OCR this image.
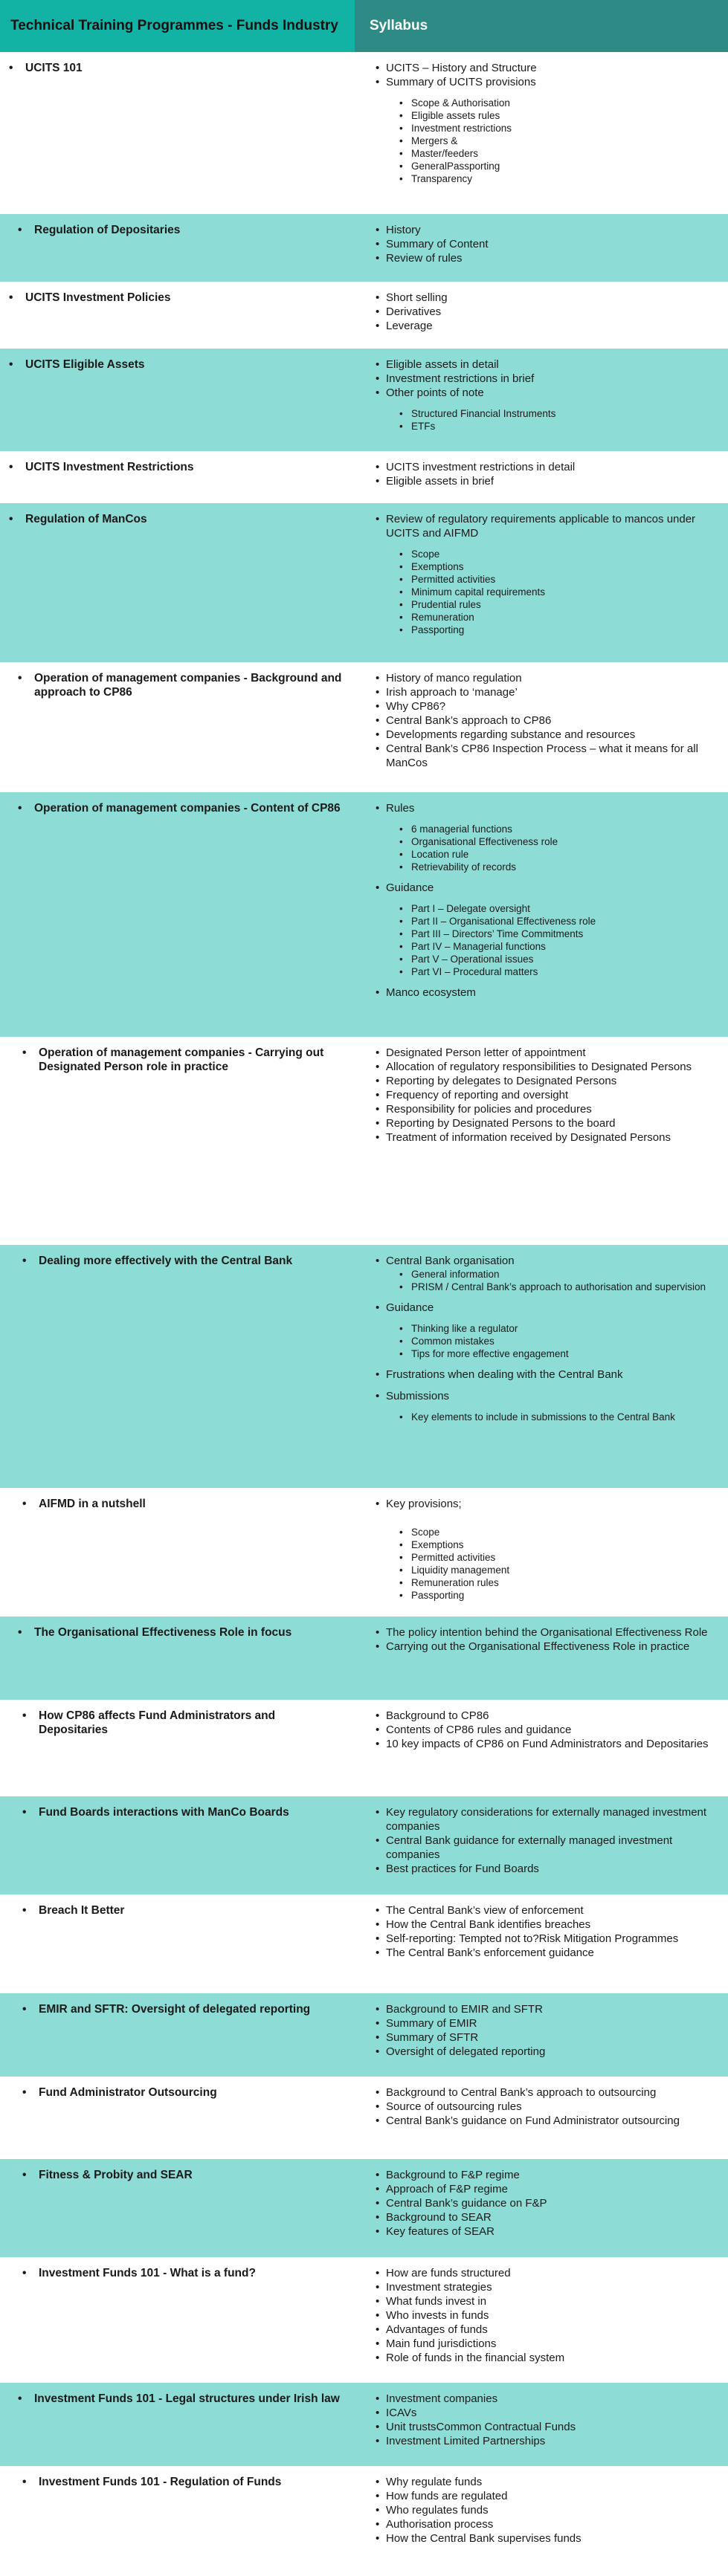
Technical Training Programmes - Funds Industry	Syllabus
•	UCITS 101	• UCITS – History and Structure
• Summary of UCITS provisions
• Scope & Authorisation
• Eligible assets rules
• Investment restrictions
• Mergers &
• Master/feeders
• GeneralPassporting
• Transparency
•	Regulation of Depositaries	• History
• Summary of Content
• Review of rules
•	UCITS Investment Policies	• Short selling
• Derivatives
• Leverage
•	UCITS Eligible Assets	• Eligible assets in detail
• Investment restrictions in brief
• Other points of note
• Structured Financial Instruments
• ETFs
•	UCITS Investment Restrictions	• UCITS investment restrictions in detail
• Eligible assets in brief
•	Regulation of ManCos	• Review of regulatory requirements applicable to mancos under UCITS and AIFMD
• Scope
• Exemptions
• Permitted activities
• Minimum capital requirements
• Prudential rules
• Remuneration
• Passporting
•	Operation of management companies - Background and approach to CP86
• History of manco regulation
• Irish approach to ‘manage’
• Why CP86?
• Central Bank’s approach to CP86
• Developments regarding substance and resources
• Central Bank’s CP86 Inspection Process – what it means for all ManCos
•	Operation of management companies - Content of CP86	• Rules
• 6 managerial functions
• Organisational Effectiveness role
• Location rule
• Retrievability of records
• Guidance
• Part I – Delegate oversight
• Part II – Organisational Effectiveness role
• Part III – Directors’ Time Commitments
• Part IV – Managerial functions
• Part V – Operational issues
• Part VI – Procedural matters
• Manco ecosystem
•	Operation of management companies - Carrying out Designated Person role in practice
• Designated Person letter of appointment
• Allocation of regulatory responsibilities to Designated Persons
• Reporting by delegates to Designated Persons
• Frequency of reporting and oversight
• Responsibility for policies and procedures
• Reporting by Designated Persons to the board
• Treatment of information received by Designated Persons
•	Dealing more effectively with the Central Bank	• Central Bank organisation
• General information
• PRISM / Central Bank’s approach to authorisation and supervision
• Guidance
• Thinking like a regulator
• Common mistakes
• Tips for more effective engagement
• Frustrations when dealing with the Central Bank
• Submissions
• Key elements to include in submissions to the Central Bank
•	AIFMD in a nutshell	• Key provisions;
• Scope
• Exemptions
• Permitted activities
• Liquidity management
• Remuneration rules
• Passporting
•	The Organisational Effectiveness Role in focus	• The policy intention behind the Organisational Effectiveness Role
• Carrying out the Organisational Effectiveness Role in practice
•	How CP86 affects Fund Administrators and Depositaries
• Background to CP86
• Contents of CP86 rules and guidance
• 10 key impacts of CP86 on Fund Administrators and Depositaries
•	Fund Boards interactions with ManCo Boards	• Key regulatory considerations for externally managed investment companies
• Central Bank guidance for externally managed investment companies
• Best practices for Fund Boards
•	Breach It Better	• The Central Bank’s view of enforcement
• How the Central Bank identifies breaches
• Self-reporting: Tempted not to?Risk Mitigation Programmes
• The Central Bank’s enforcement guidance
•	EMIR and SFTR: Oversight of delegated reporting	• Background to EMIR and SFTR
• Summary of EMIR
• Summary of SFTR
• Oversight of delegated reporting
•	Fund Administrator Outsourcing	• Background to Central Bank’s approach to outsourcing
• Source of outsourcing rules
• Central Bank’s guidance on Fund Administrator outsourcing
•	Fitness & Probity and SEAR	• Background to F&P regime
• Approach of F&P regime
• Central Bank’s guidance on F&P
• Background to SEAR
• Key features of SEAR
•	Investment Funds 101 - What is a fund?	• How are funds structured
• Investment strategies
• What funds invest in
• Who invests in funds
• Advantages of funds
• Main fund jurisdictions
• Role of funds in the financial system
•	Investment Funds 101 - Legal structures under Irish law	• Investment companies
• ICAVs
• Unit trustsCommon Contractual Funds
• Investment Limited Partnerships
•	Investment Funds 101 - Regulation of Funds	• Why regulate funds
• How funds are regulated
• Who regulates funds
• Authorisation process
• How the Central Bank supervises funds
